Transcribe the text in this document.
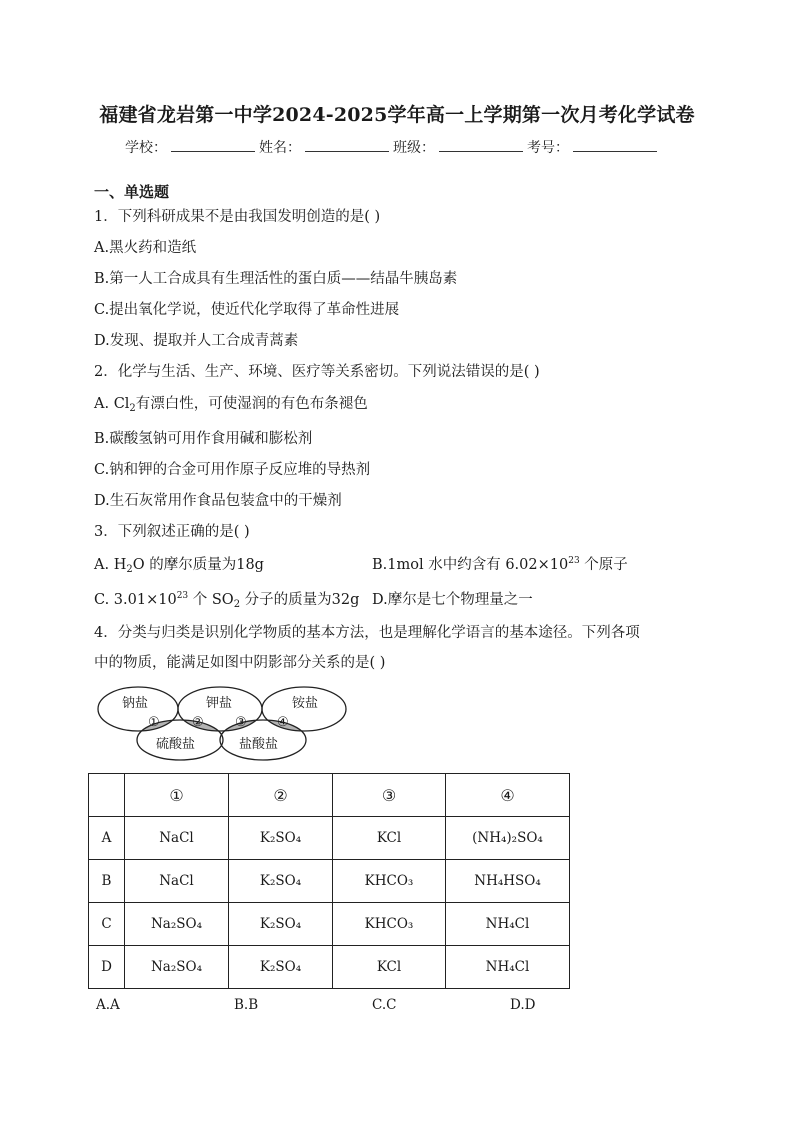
福建省龙岩第一中学2024-2025学年高一上学期第一次月考化学试卷
学校：	姓名：	班级：	考号：
一、单选题
1．下列科研成果不是由我国发明创造的是( )
A.黑火药和造纸
B.第一人工合成具有生理活性的蛋白质——结晶牛胰岛素
C.提出氧化学说，使近代化学取得了革命性进展
D.发现、提取并人工合成青蒿素
2．化学与生活、生产、环境、医疗等关系密切。下列说法错误的是( )
A. $Cl_2$有漂白性，可使湿润的有色布条褪色
B.碳酸氢钠可用作食用碱和膨松剂
C.钠和钾的合金可用作原子反应堆的导热剂
D.生石灰常用作食品包装盒中的干燥剂
3．下列叙述正确的是( )
A. $H_2O$ 的摩尔质量为18g	B.1mol 水中约含有 $6.02\times 10^{23}$ 个原子
C. $3.01\times 10^{23}$ 个 $SO_2$ 分子的质量为32g D.摩尔是七个物理量之一
4．分类与归类是识别化学物质的基本方法，也是理解化学语言的基本途径。下列各项
中的物质，能满足如图中阴影部分关系的是( )
钠盐	钾盐	铵盐
硫酸盐	盐酸盐
① ② ③ ④
	①	②	③	④
A	NaCl	K₂SO₄	KCl	(NH₄)₂SO₄
B	NaCl	K₂SO₄	KHCO₃	NH₄HSO₄
C	Na₂SO₄	K₂SO₄	KHCO₃	NH₄Cl
D	Na₂SO₄	K₂SO₄	KCl	NH₄Cl
A.A	B.B	C.C	D.D
